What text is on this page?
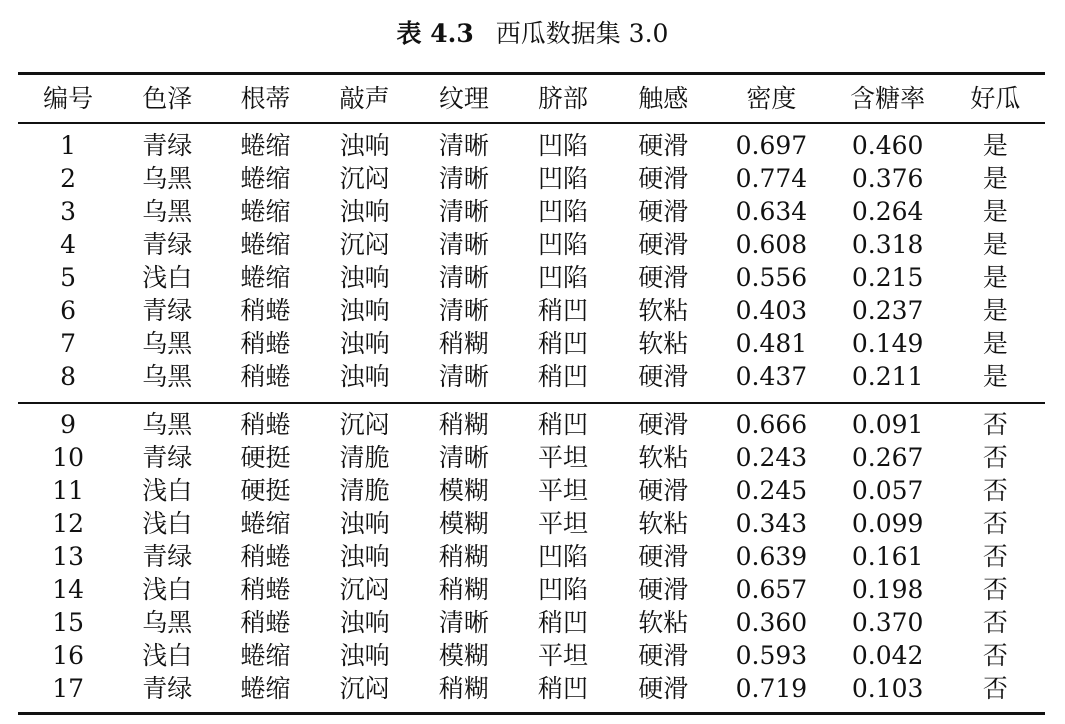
表 4.3 西瓜数据集 3.0
编号	色泽	根蒂	敲声	纹理	脐部	触感	密度	含糖率	好瓜
1	青绿	蜷缩	浊响	清晰	凹陷	硬滑	0.697	0.460	是
2	乌黑	蜷缩	沉闷	清晰	凹陷	硬滑	0.774	0.376	是
3	乌黑	蜷缩	浊响	清晰	凹陷	硬滑	0.634	0.264	是
4	青绿	蜷缩	沉闷	清晰	凹陷	硬滑	0.608	0.318	是
5	浅白	蜷缩	浊响	清晰	凹陷	硬滑	0.556	0.215	是
6	青绿	稍蜷	浊响	清晰	稍凹	软粘	0.403	0.237	是
7	乌黑	稍蜷	浊响	稍糊	稍凹	软粘	0.481	0.149	是
8	乌黑	稍蜷	浊响	清晰	稍凹	硬滑	0.437	0.211	是
9	乌黑	稍蜷	沉闷	稍糊	稍凹	硬滑	0.666	0.091	否
10	青绿	硬挺	清脆	清晰	平坦	软粘	0.243	0.267	否
11	浅白	硬挺	清脆	模糊	平坦	硬滑	0.245	0.057	否
12	浅白	蜷缩	浊响	模糊	平坦	软粘	0.343	0.099	否
13	青绿	稍蜷	浊响	稍糊	凹陷	硬滑	0.639	0.161	否
14	浅白	稍蜷	沉闷	稍糊	凹陷	硬滑	0.657	0.198	否
15	乌黑	稍蜷	浊响	清晰	稍凹	软粘	0.360	0.370	否
16	浅白	蜷缩	浊响	模糊	平坦	硬滑	0.593	0.042	否
17	青绿	蜷缩	沉闷	稍糊	稍凹	硬滑	0.719	0.103	否
